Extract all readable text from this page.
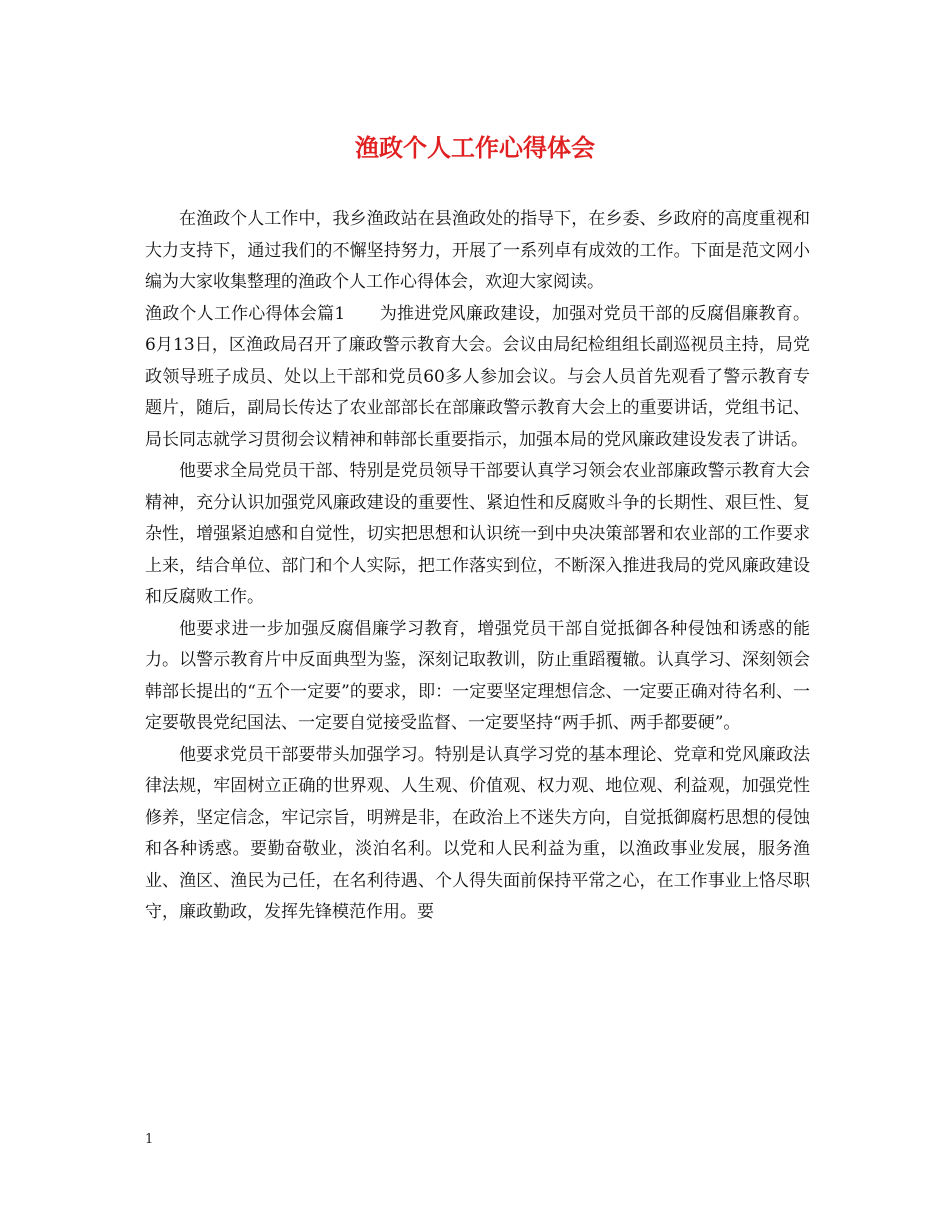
渔政个人工作心得体会

在渔政个人工作中，我乡渔政站在县渔政处的指导下，在乡委、乡政府的高度重视和大力支持下，通过我们的不懈坚持努力，开展了一系列卓有成效的工作。下面是范文网小编为大家收集整理的渔政个人工作心得体会，欢迎大家阅读。

渔政个人工作心得体会篇1　　为推进党风廉政建设，加强对党员干部的反腐倡廉教育。6月13日，区渔政局召开了廉政警示教育大会。会议由局纪检组组长副巡视员主持，局党政领导班子成员、处以上干部和党员60多人参加会议。与会人员首先观看了警示教育专题片，随后，副局长传达了农业部部长在部廉政警示教育大会上的重要讲话，党组书记、局长同志就学习贯彻会议精神和韩部长重要指示，加强本局的党风廉政建设发表了讲话。

他要求全局党员干部、特别是党员领导干部要认真学习领会农业部廉政警示教育大会精神，充分认识加强党风廉政建设的重要性、紧迫性和反腐败斗争的长期性、艰巨性、复杂性，增强紧迫感和自觉性，切实把思想和认识统一到中央决策部署和农业部的工作要求上来，结合单位、部门和个人实际，把工作落实到位，不断深入推进我局的党风廉政建设和反腐败工作。

他要求进一步加强反腐倡廉学习教育，增强党员干部自觉抵御各种侵蚀和诱惑的能力。以警示教育片中反面典型为鉴，深刻记取教训，防止重蹈覆辙。认真学习、深刻领会韩部长提出的“五个一定要”的要求，即：一定要坚定理想信念、一定要正确对待名利、一定要敬畏党纪国法、一定要自觉接受监督、一定要坚持“两手抓、两手都要硬”。

他要求党员干部要带头加强学习。特别是认真学习党的基本理论、党章和党风廉政法律法规，牢固树立正确的世界观、人生观、价值观、权力观、地位观、利益观，加强党性修养，坚定信念，牢记宗旨，明辨是非，在政治上不迷失方向，自觉抵御腐朽思想的侵蚀和各种诱惑。要勤奋敬业，淡泊名利。以党和人民利益为重，以渔政事业发展，服务渔业、渔区、渔民为己任，在名利待遇、个人得失面前保持平常之心，在工作事业上恪尽职守，廉政勤政，发挥先锋模范作用。要

1
